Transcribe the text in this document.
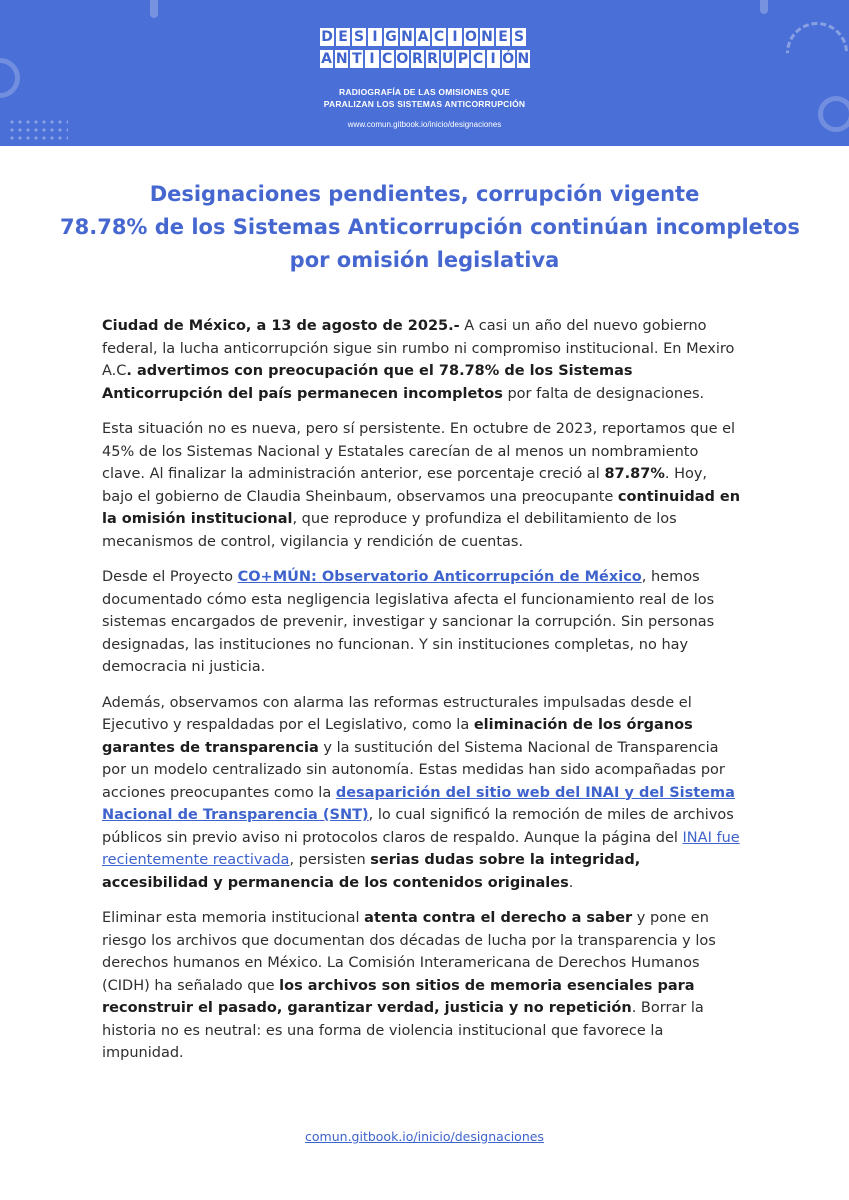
D E S I G N A C I O N E S
A N T I C O R R U P C I Ó N
RADIOGRAFÍA DE LAS OMISIONES QUE
PARALIZAN LOS SISTEMAS ANTICORRUPCIÓN
www.comun.gitbook.io/inicio/designaciones
Designaciones pendientes, corrupción vigente
78.78% de los Sistemas Anticorrupción continúan incompletos
por omisión legislativa

Ciudad de México, a 13 de agosto de 2025.- A casi un año del nuevo gobierno federal, la lucha anticorrupción sigue sin rumbo ni compromiso institucional. En Mexiro A.C. advertimos con preocupación que el 78.78% de los Sistemas Anticorrupción del país permanecen incompletos por falta de designaciones.

Esta situación no es nueva, pero sí persistente. En octubre de 2023, reportamos que el 45% de los Sistemas Nacional y Estatales carecían de al menos un nombramiento clave. Al finalizar la administración anterior, ese porcentaje creció al 87.87%. Hoy, bajo el gobierno de Claudia Sheinbaum, observamos una preocupante continuidad en la omisión institucional, que reproduce y profundiza el debilitamiento de los mecanismos de control, vigilancia y rendición de cuentas.

Desde el Proyecto CO+MÚN: Observatorio Anticorrupción de México, hemos documentado cómo esta negligencia legislativa afecta el funcionamiento real de los sistemas encargados de prevenir, investigar y sancionar la corrupción. Sin personas designadas, las instituciones no funcionan. Y sin instituciones completas, no hay democracia ni justicia.

Además, observamos con alarma las reformas estructurales impulsadas desde el Ejecutivo y respaldadas por el Legislativo, como la eliminación de los órganos garantes de transparencia y la sustitución del Sistema Nacional de Transparencia por un modelo centralizado sin autonomía. Estas medidas han sido acompañadas por acciones preocupantes como la desaparición del sitio web del INAI y del Sistema Nacional de Transparencia (SNT), lo cual significó la remoción de miles de archivos públicos sin previo aviso ni protocolos claros de respaldo. Aunque la página del INAI fue recientemente reactivada, persisten serias dudas sobre la integridad, accesibilidad y permanencia de los contenidos originales.

Eliminar esta memoria institucional atenta contra el derecho a saber y pone en riesgo los archivos que documentan dos décadas de lucha por la transparencia y los derechos humanos en México. La Comisión Interamericana de Derechos Humanos (CIDH) ha señalado que los archivos son sitios de memoria esenciales para reconstruir el pasado, garantizar verdad, justicia y no repetición. Borrar la historia no es neutral: es una forma de violencia institucional que favorece la impunidad.

comun.gitbook.io/inicio/designaciones
